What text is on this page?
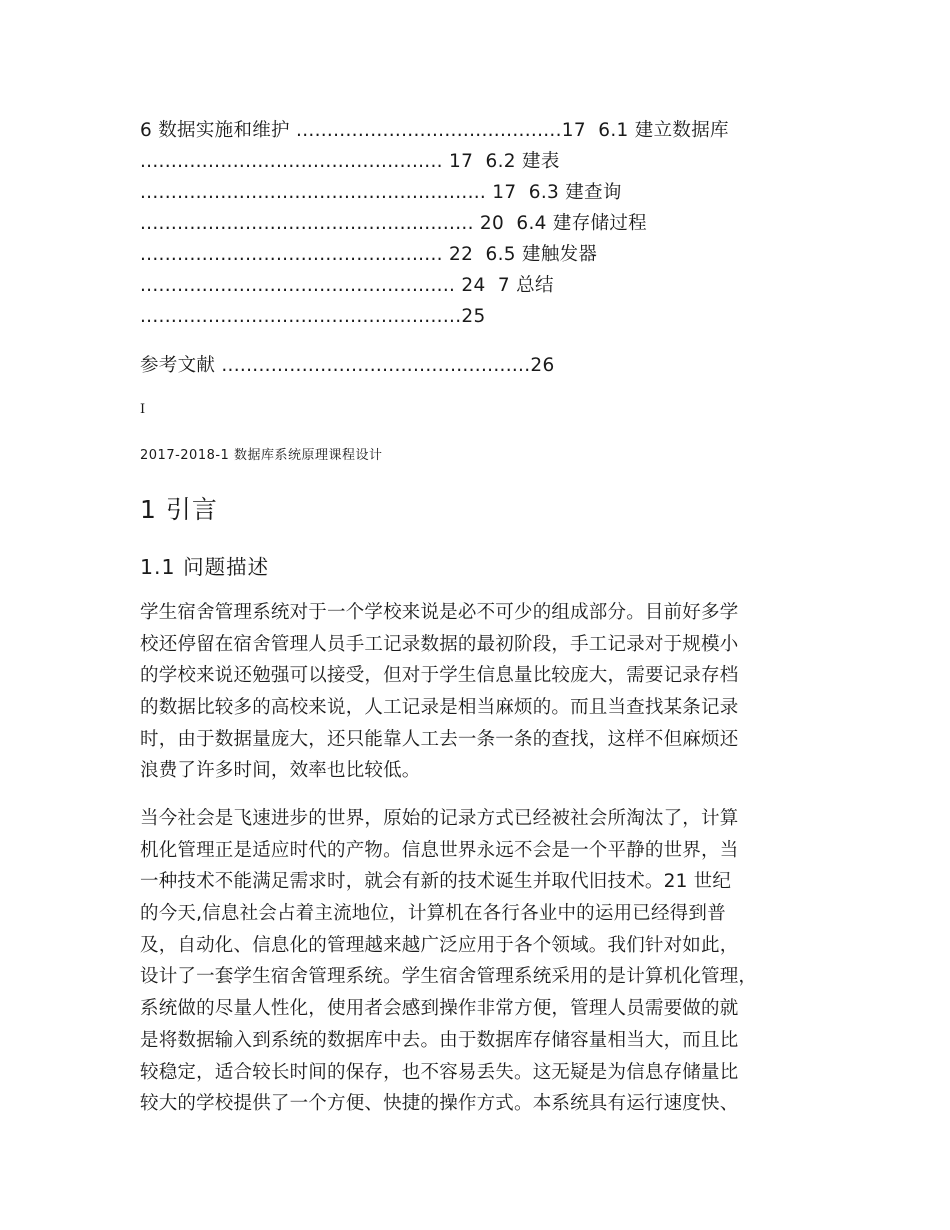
6 数据实施和维护 ...........................................17  6.1 建立数据库
................................................. 17  6.2 建表
........................................................ 17  6.3 建查询
...................................................... 20  6.4 建存储过程
................................................. 22  6.5 建触发器
................................................... 24  7 总结
....................................................25
参考文献 ..................................................26
I
2017-2018-1 数据库系统原理课程设计
1 引言
1.1 问题描述
学生宿舍管理系统对于一个学校来说是必不可少的组成部分。目前好多学
校还停留在宿舍管理人员手工记录数据的最初阶段，手工记录对于规模小
的学校来说还勉强可以接受，但对于学生信息量比较庞大，需要记录存档
的数据比较多的高校来说，人工记录是相当麻烦的。而且当查找某条记录
时，由于数据量庞大，还只能靠人工去一条一条的查找，这样不但麻烦还
浪费了许多时间，效率也比较低。
当今社会是飞速进步的世界，原始的记录方式已经被社会所淘汰了，计算
机化管理正是适应时代的产物。信息世界永远不会是一个平静的世界，当
一种技术不能满足需求时，就会有新的技术诞生并取代旧技术。21 世纪
的今天,信息社会占着主流地位，计算机在各行各业中的运用已经得到普
及，自动化、信息化的管理越来越广泛应用于各个领域。我们针对如此，
设计了一套学生宿舍管理系统。学生宿舍管理系统采用的是计算机化管理，
系统做的尽量人性化，使用者会感到操作非常方便，管理人员需要做的就
是将数据输入到系统的数据库中去。由于数据库存储容量相当大，而且比
较稳定，适合较长时间的保存，也不容易丢失。这无疑是为信息存储量比
较大的学校提供了一个方便、快捷的操作方式。本系统具有运行速度快、
